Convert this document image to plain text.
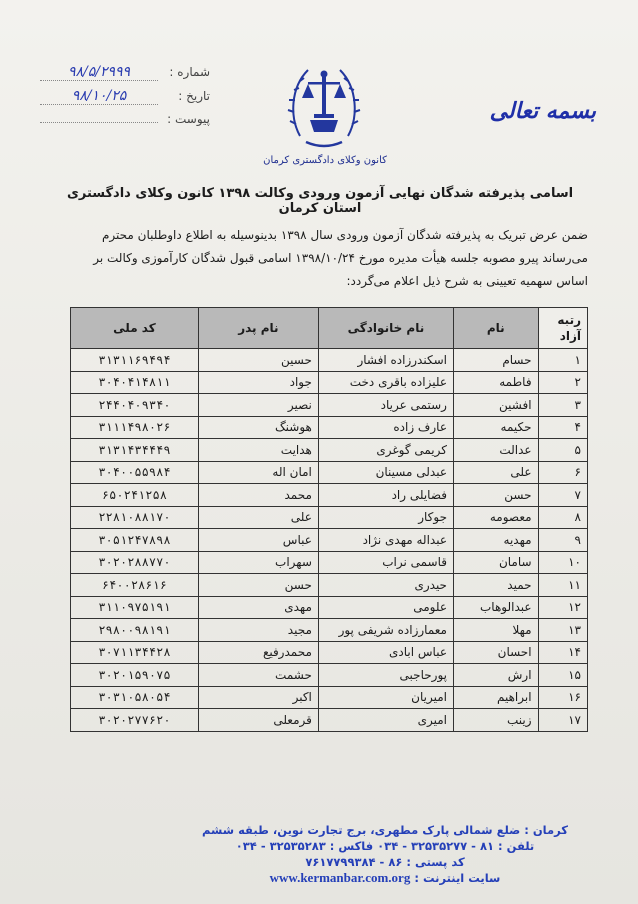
۹۸/۵/۲۹۹۹	شماره :
۹۸/۱۰/۲۵	تاریخ :
پیوست :
کانون وکلای دادگستری کرمان
بسمه تعالی
اسامی پذیرفته شدگان نهایی آزمون ورودی وکالت ۱۳۹۸ کانون وکلای دادگستری استان کرمان
ضمن عرض تبریک به پذیرفته شدگان آزمون ورودی سال ۱۳۹۸ بدینوسیله به اطلاع داوطلبان محترم می‌رساند پیرو مصوبه جلسه هیأت مدیره مورخ ۱۳۹۸/۱۰/۲۴ اسامی قبول شدگان کارآموزی وکالت بر اساس سهمیه تعیینی به شرح ذیل اعلام می‌گردد:
رتبه آزاد	نام	نام خانوادگی	نام پدر	کد ملی
۱	حسام	اسکندرزاده افشار	حسین	۳۱۳۱۱۶۹۴۹۴
۲	فاطمه	علیزاده باقری دخت	جواد	۳۰۴۰۴۱۴۸۱۱
۳	افشین	رستمی عریاد	نصیر	۲۴۴۰۴۰۹۳۴۰
۴	حکیمه	عارف زاده	هوشنگ	۳۱۱۱۴۹۸۰۲۶
۵	عدالت	کریمی گوغری	هدایت	۳۱۳۱۴۳۴۴۴۹
۶	علی	عبدلی مسینان	امان اله	۳۰۴۰۰۵۵۹۸۴
۷	حسن	فضایلی راد	محمد	۶۵۰۲۴۱۲۵۸
۸	معصومه	جوکار	علی	۲۲۸۱۰۸۸۱۷۰
۹	مهدیه	عبداله مهدی نژاد	عباس	۳۰۵۱۲۴۷۸۹۸
۱۰	سامان	قاسمی نراب	سهراب	۳۰۲۰۲۸۸۷۷۰
۱۱	حمید	حیدری	حسن	۶۴۰۰۲۸۶۱۶
۱۲	عبدالوهاب	علومی	مهدی	۳۱۱۰۹۷۵۱۹۱
۱۳	مهلا	معمارزاده شریفی پور	مجید	۲۹۸۰۰۹۸۱۹۱
۱۴	احسان	عباس ابادی	محمدرفیع	۳۰۷۱۱۳۴۴۲۸
۱۵	ارش	پورحاجبی	حشمت	۳۰۲۰۱۵۹۰۷۵
۱۶	ابراهیم	امیریان	اکبر	۳۰۳۱۰۵۸۰۵۴
۱۷	زینب	امیری	قرمعلی	۳۰۲۰۲۷۷۶۲۰
کرمان : ضلع شمالی پارک مطهری، برج تجارت نوین، طبقه ششم
تلفن : ۸۱ - ۳۲۵۳۵۲۷۷ - ۰۳۴ فاکس : ۳۲۵۳۵۲۸۳ - ۰۳۴
کد پستی : ۸۶ - ۷۶۱۷۷۹۹۳۸۴
سایت اینترنت : www.kermanbar.com.org
